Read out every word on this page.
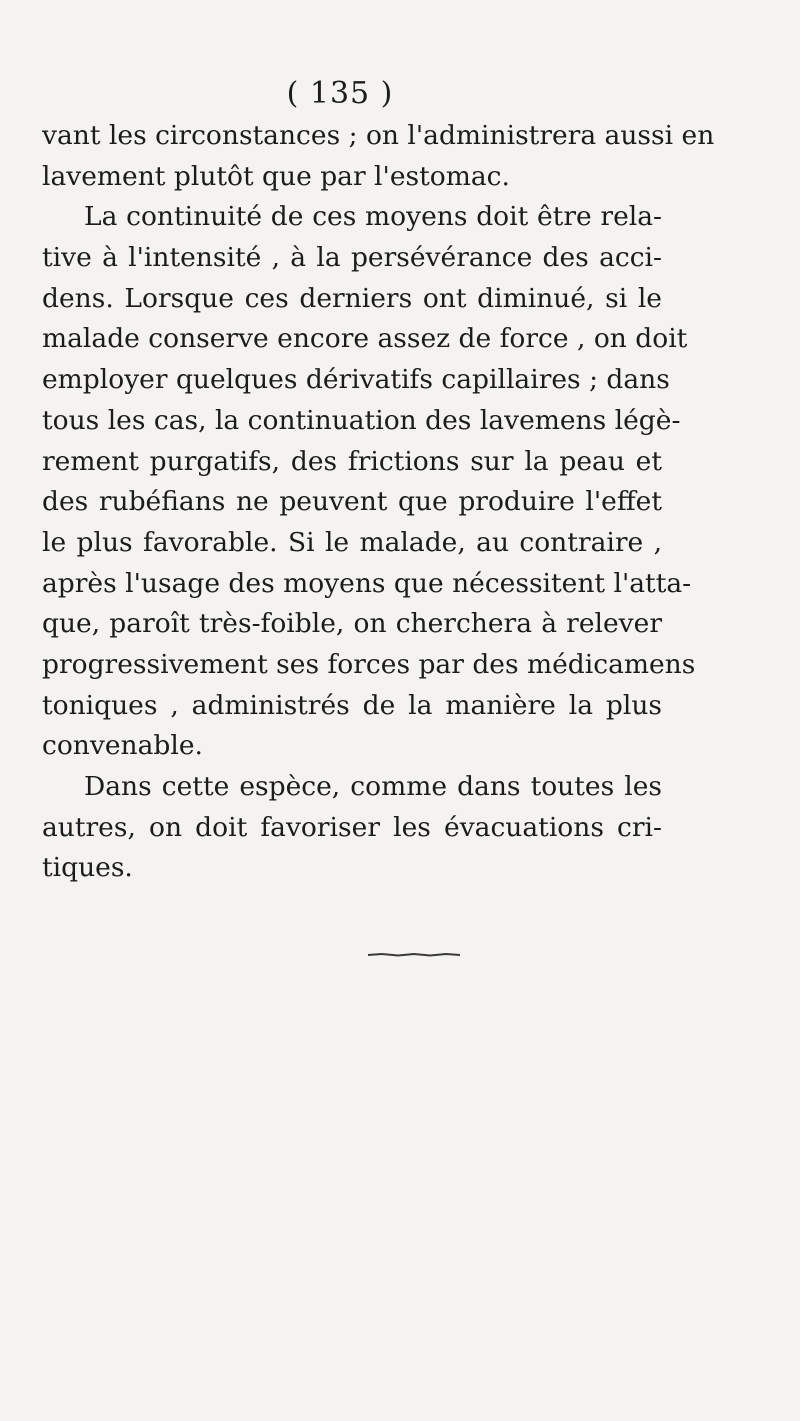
( 135 )
vant les circonstances ; on l'administrera aussi en
lavement plutôt que par l'estomac.
La continuité de ces moyens doit être rela-
tive à l'intensité , à la persévérance des acci-
dens. Lorsque ces derniers ont diminué, si le
malade conserve encore assez de force , on doit
employer quelques dérivatifs capillaires ; dans
tous les cas, la continuation des lavemens légè-
rement purgatifs, des frictions sur la peau et
des rubéfians ne peuvent que produire l'effet
le plus favorable. Si le malade, au contraire ,
après l'usage des moyens que nécessitent l'atta-
que, paroît très-foible, on cherchera à relever
progressivement ses forces par des médicamens
toniques , administrés de la manière la plus
convenable.
Dans cette espèce, comme dans toutes les
autres, on doit favoriser les évacuations cri-
tiques.
